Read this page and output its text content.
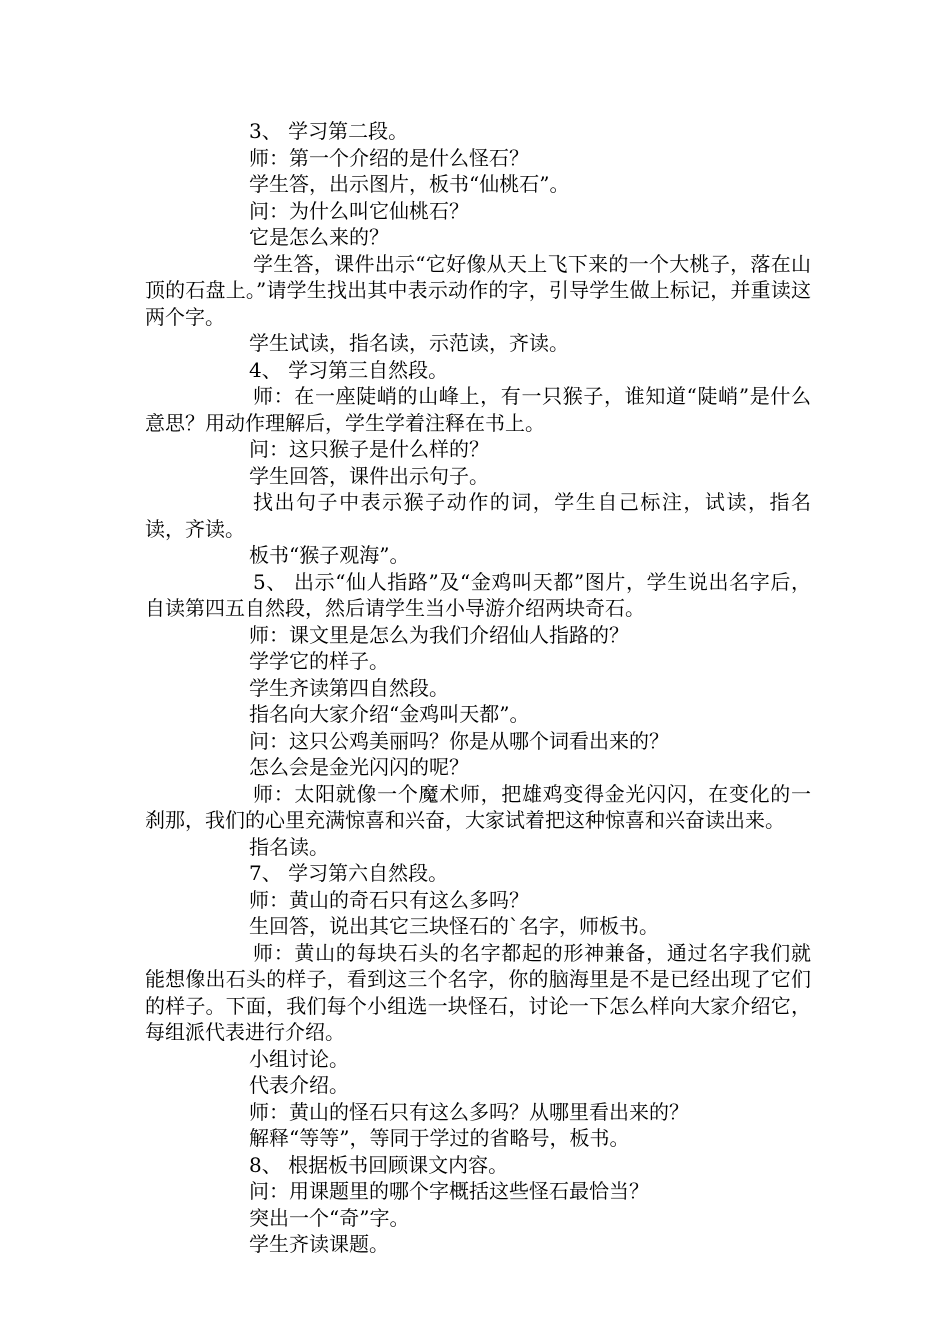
3、 学习第二段。

师：第一个介绍的是什么怪石？

学生答，出示图片，板书“仙桃石”。

问：为什么叫它仙桃石？

它是怎么来的？

学生答，课件出示“它好像从天上飞下来的一个大桃子，落在山顶的石盘上。”请学生找出其中表示动作的字，引导学生做上标记，并重读这两个字。

学生试读，指名读，示范读，齐读。

4、 学习第三自然段。

师：在一座陡峭的山峰上，有一只猴子，谁知道“陡峭”是什么意思？用动作理解后，学生学着注释在书上。

问：这只猴子是什么样的？

学生回答，课件出示句子。

找出句子中表示猴子动作的词，学生自己标注，试读，指名读，齐读。

板书“猴子观海”。

5、 出示“仙人指路”及“金鸡叫天都”图片，学生说出名字后，自读第四五自然段，然后请学生当小导游介绍两块奇石。

师：课文里是怎么为我们介绍仙人指路的？

学学它的样子。

学生齐读第四自然段。

指名向大家介绍“金鸡叫天都”。

问：这只公鸡美丽吗？你是从哪个词看出来的？

怎么会是金光闪闪的呢？

师：太阳就像一个魔术师，把雄鸡变得金光闪闪，在变化的一刹那，我们的心里充满惊喜和兴奋，大家试着把这种惊喜和兴奋读出来。

指名读。

7、 学习第六自然段。

师：黄山的奇石只有这么多吗？

生回答，说出其它三块怪石的`名字，师板书。

师：黄山的每块石头的名字都起的形神兼备，通过名字我们就能想像出石头的样子，看到这三个名字，你的脑海里是不是已经出现了它们的样子。下面，我们每个小组选一块怪石，讨论一下怎么样向大家介绍它，每组派代表进行介绍。

小组讨论。

代表介绍。

师：黄山的怪石只有这么多吗？从哪里看出来的？

解释“等等”，等同于学过的省略号，板书。

8、 根据板书回顾课文内容。

问：用课题里的哪个字概括这些怪石最恰当？

突出一个“奇”字。

学生齐读课题。
